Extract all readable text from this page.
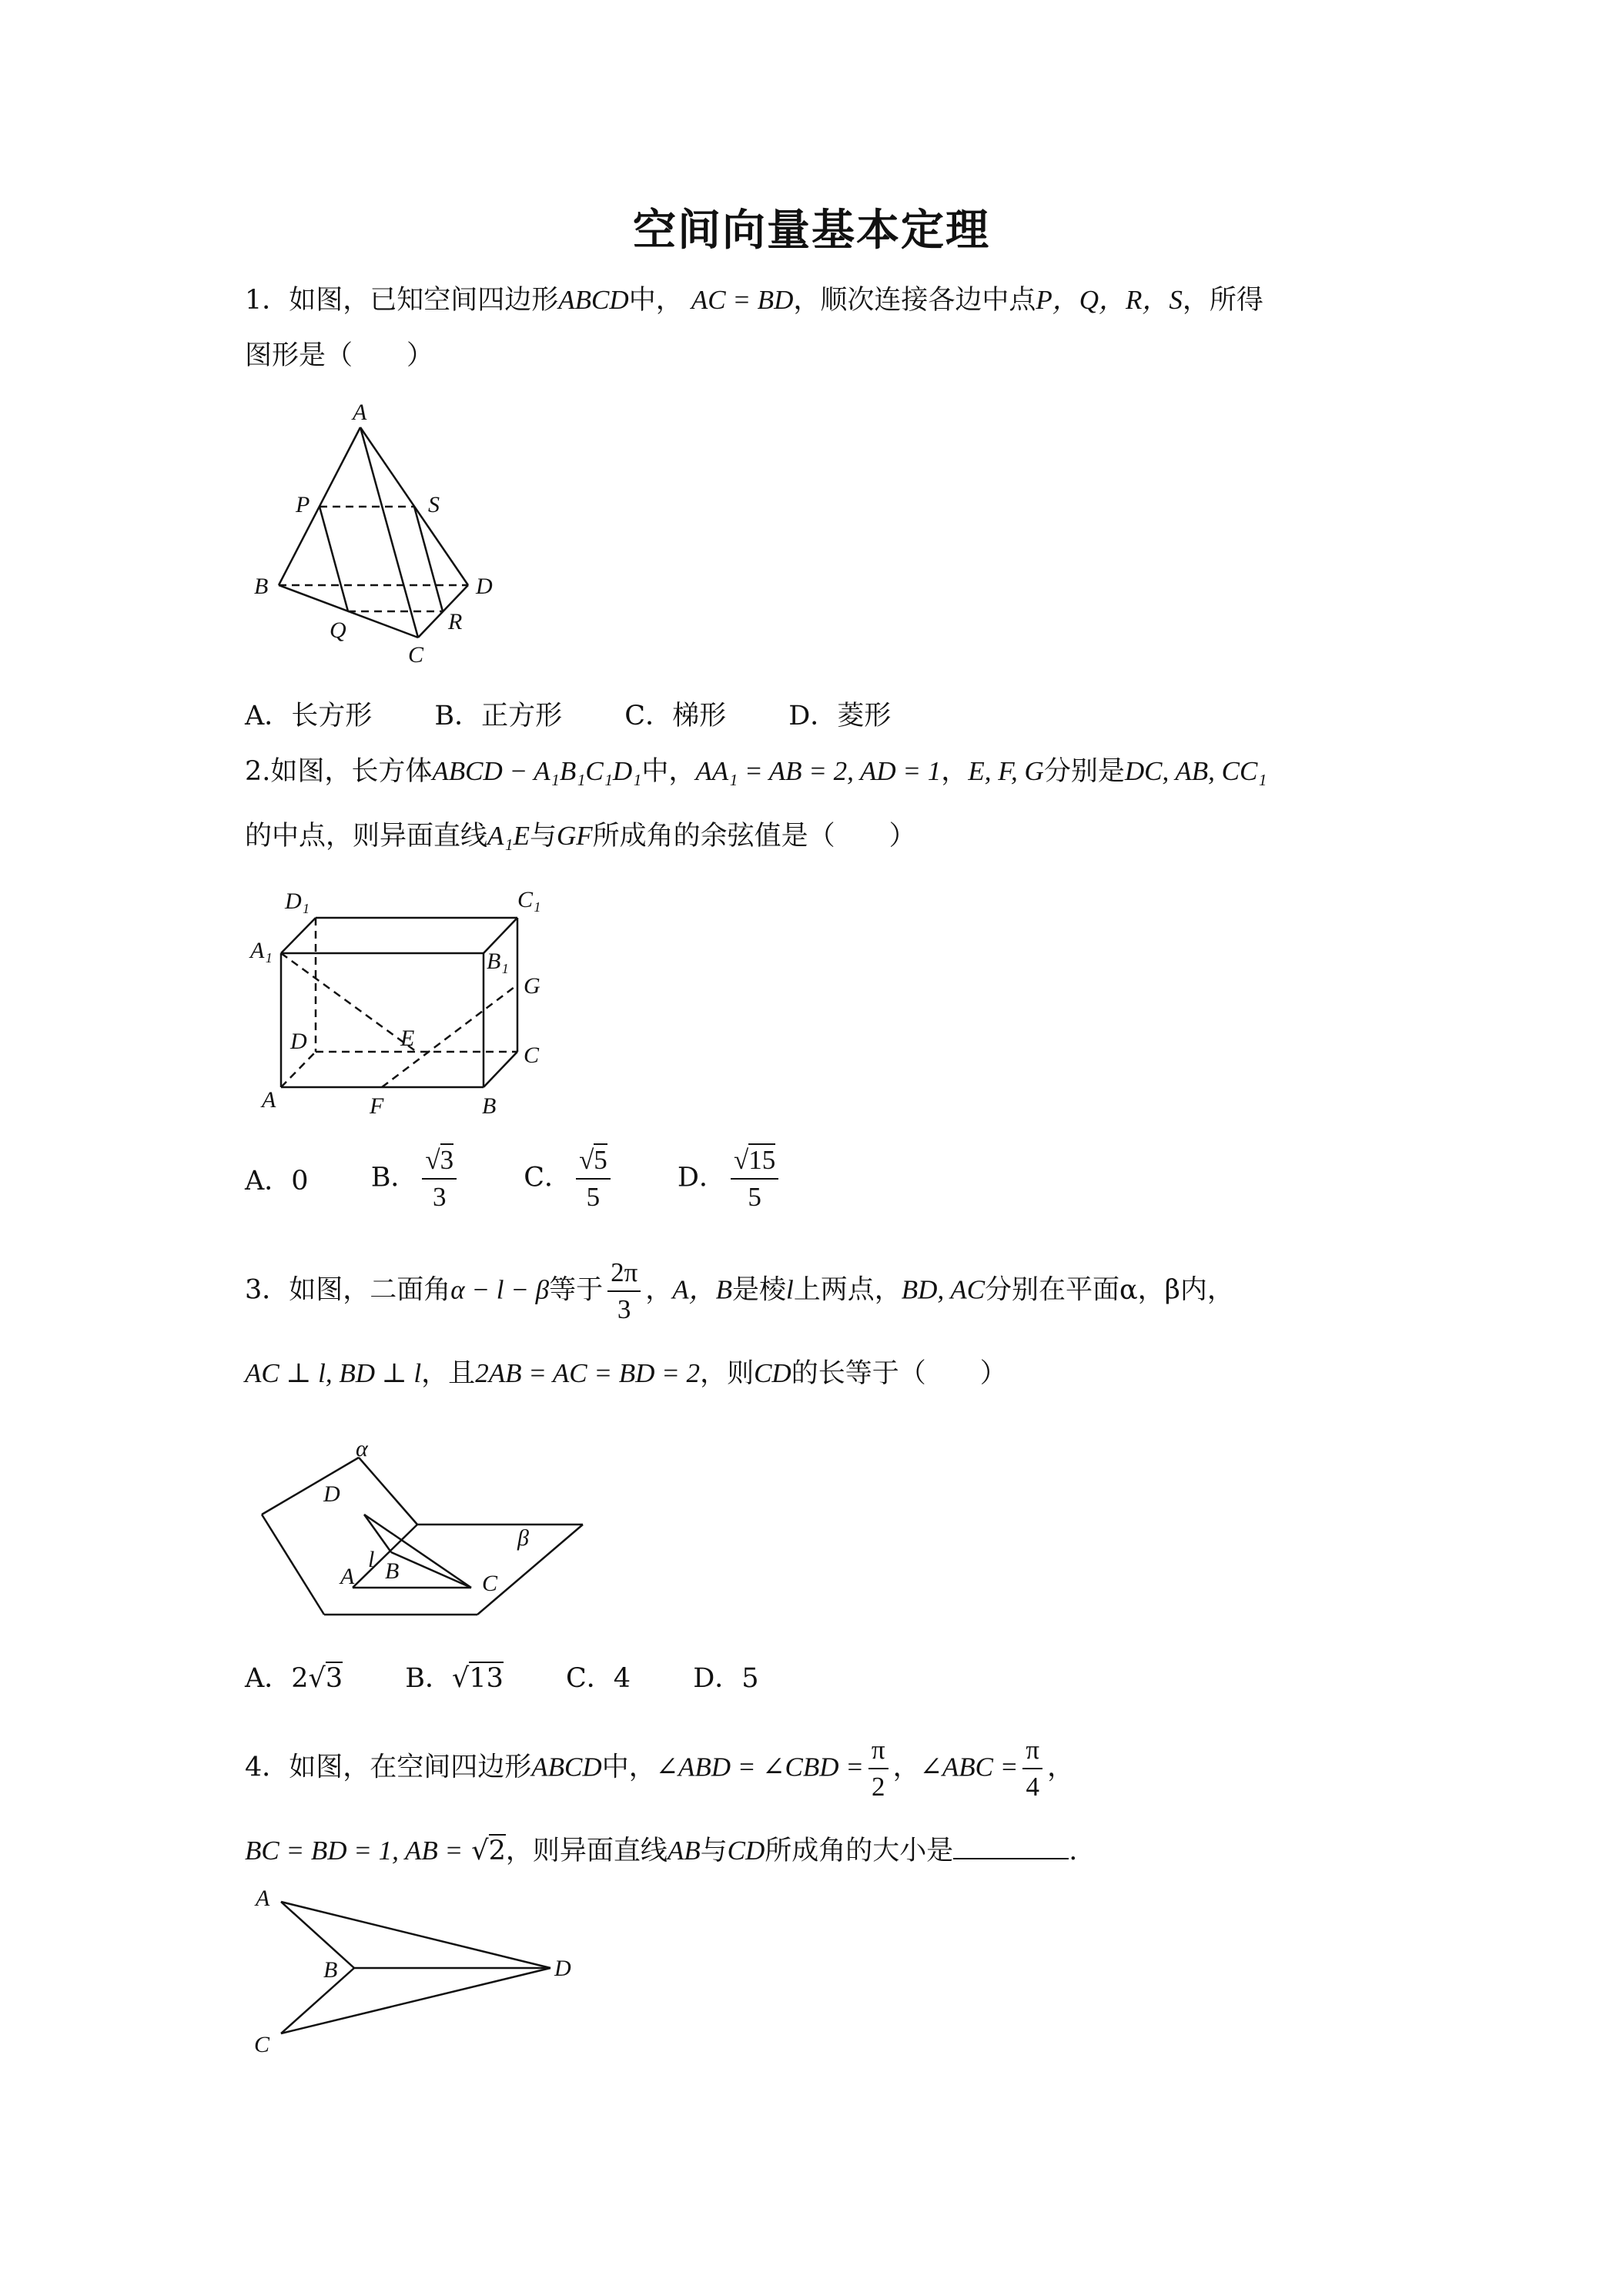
空间向量基本定理
1．如图，已知空间四边形ABCD中， AC = BD，顺次连接各边中点P，Q，R，S，所得
图形是（　　）
A
P	S
B	D
Q	R
C
A．长方形 B．正方形 C．梯形 D．菱形
2.如图，长方体ABCD − A₁B₁C₁D₁中，AA₁ = AB = 2, AD = 1，E, F, G分别是DC, AB, CC₁
的中点，则异面直线A₁E与GF所成角的余弦值是（　　）
D₁	C₁
A₁	B₁
G
D	E
C
A	F	B
A．0 B． $\frac{√3}{3}$ C． $\frac{√5}{5}$ D． $\frac{√15}{5}$
3．如图，二面角α − l − β等于 $\frac{2\pi}{3}$ ，A，B是棱l上两点，BD, AC分别在平面α，β内，
AC ⊥ l, BD ⊥ l，且2AB = AC = BD = 2，则CD的长等于（　　）
α
D
β
A
l B	C
A．2√3 B．√13 C．4 D．5
4．如图，在空间四边形ABCD中，∠ABD = ∠CBD = $\frac{\pi}{2}$ ，∠ABC = $\frac{\pi}{4}$ ，
BC = BD = 1, AB = √2，则异面直线AB与CD所成角的大小是	.
A
B	D
C
